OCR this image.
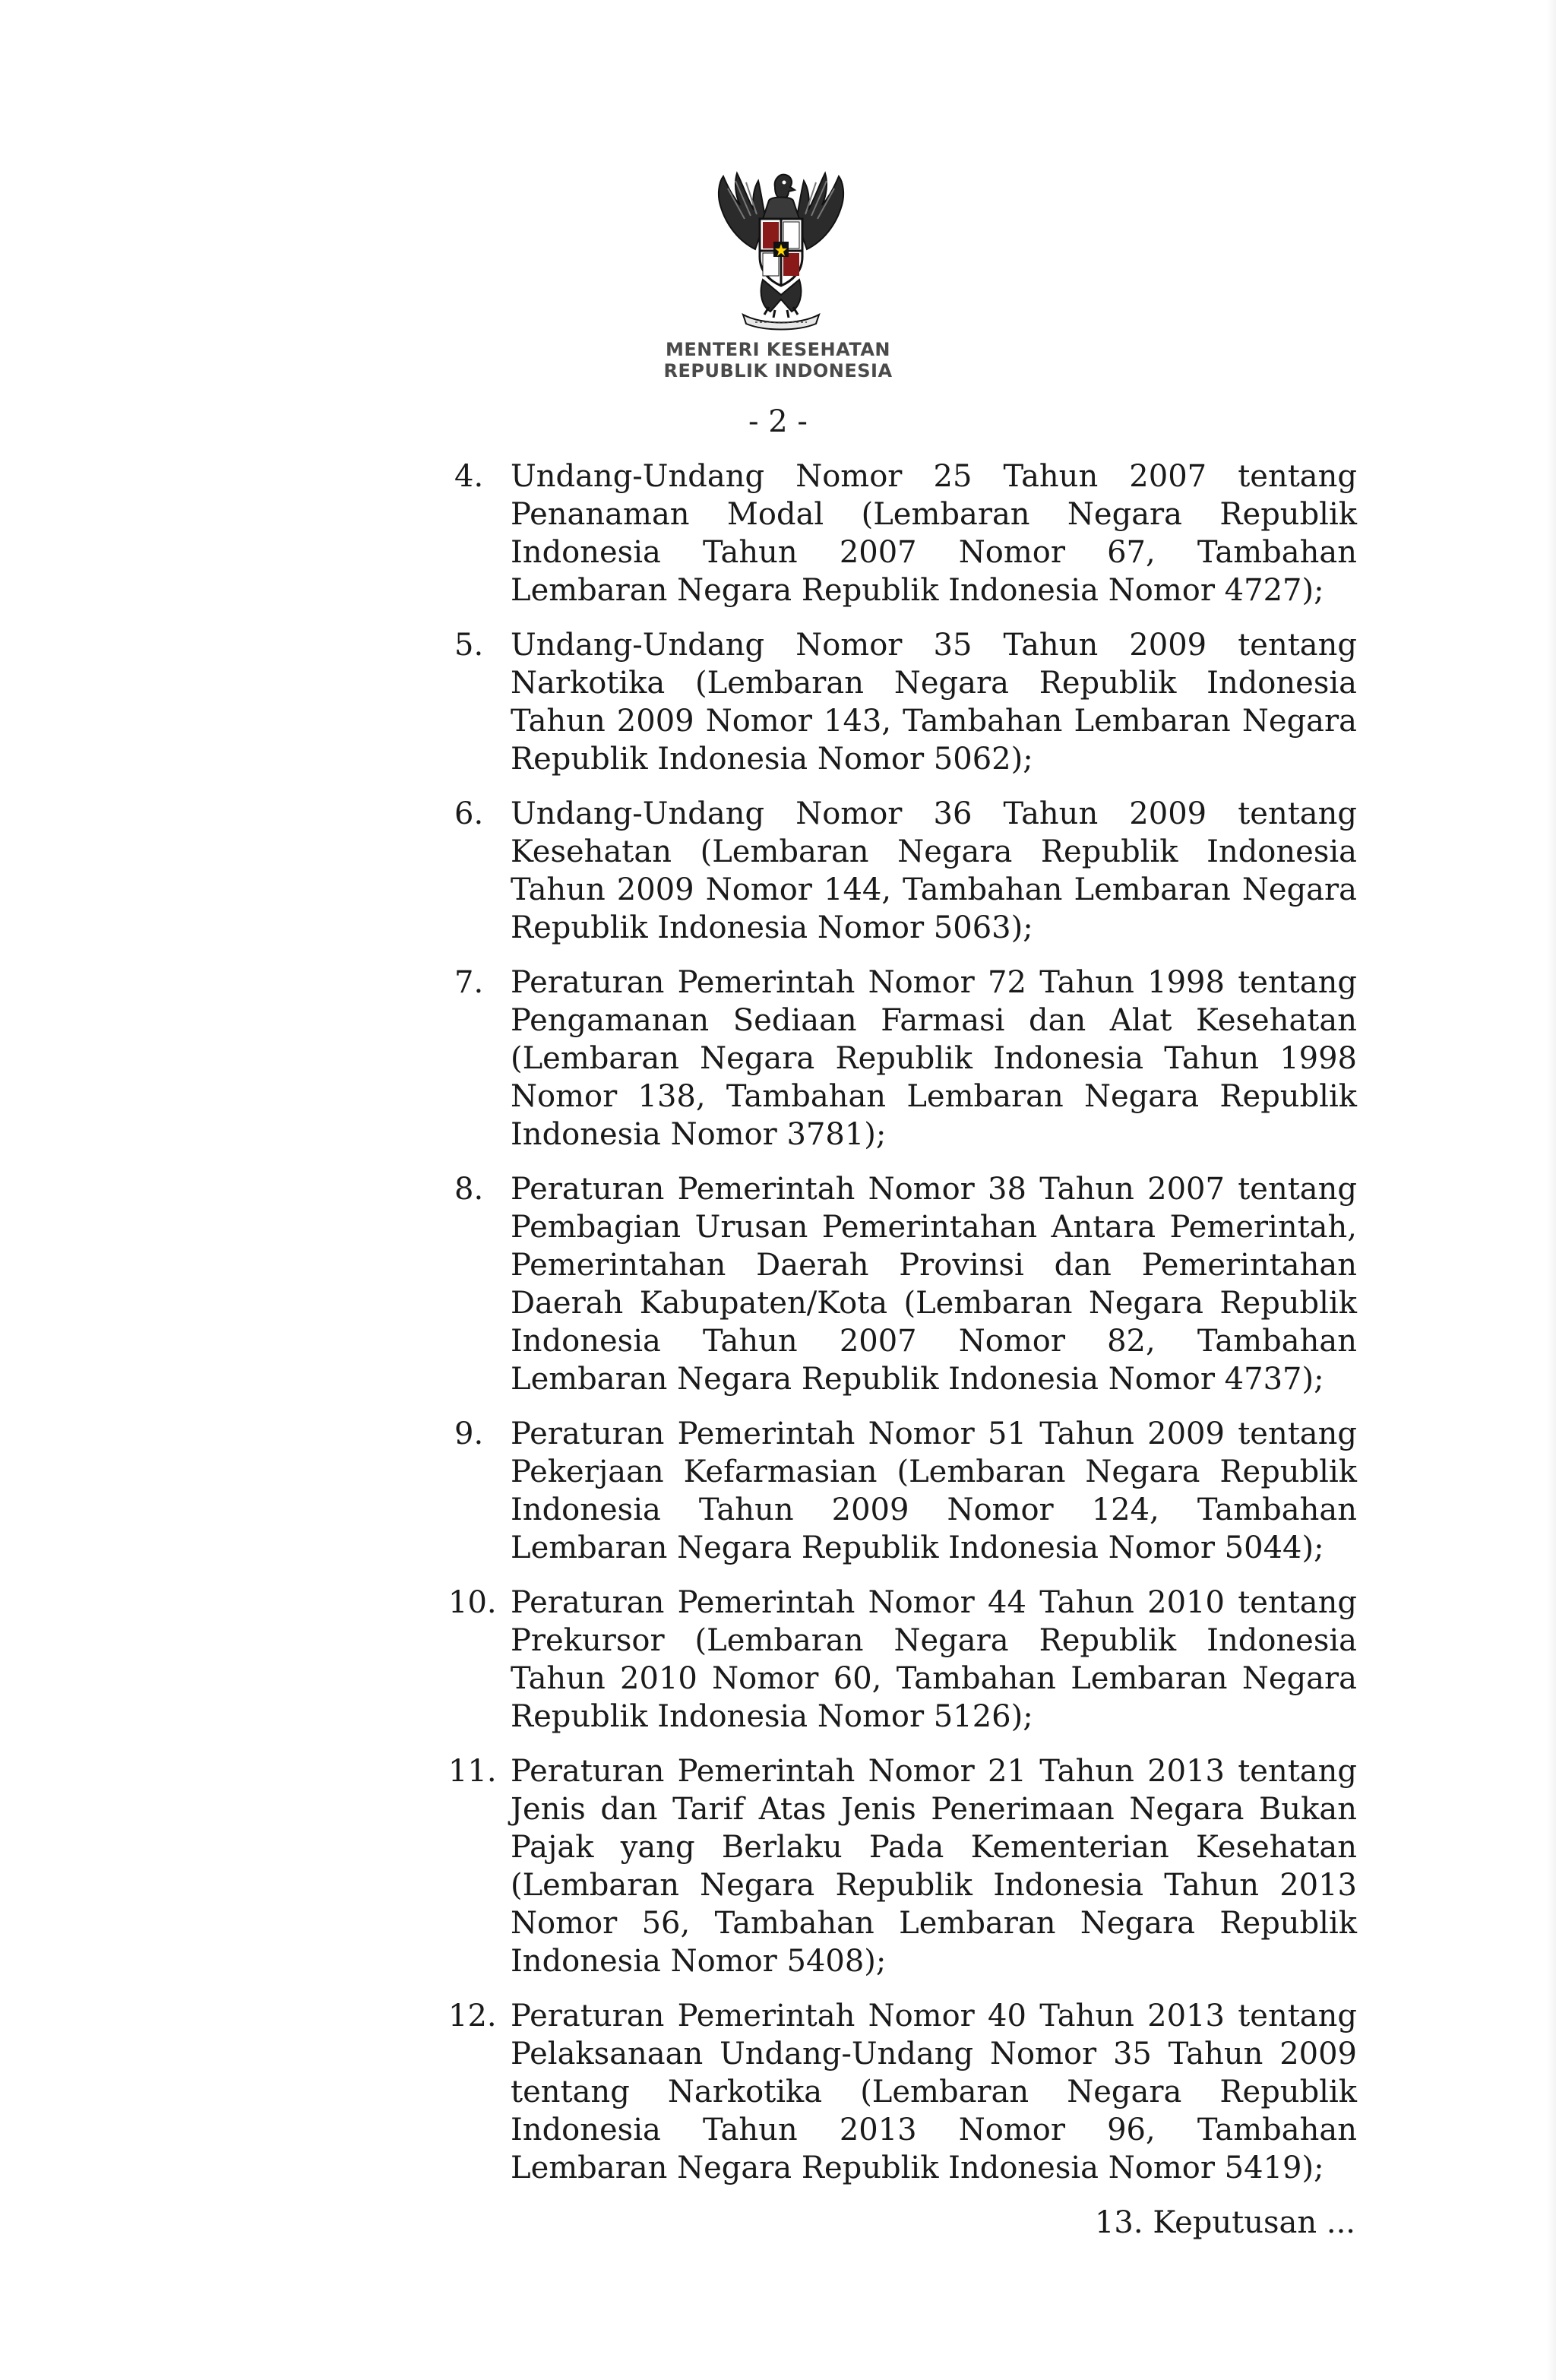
MENTERI KESEHATAN
REPUBLIK INDONESIA
- 2 -
4. Undang-Undang Nomor 25 Tahun 2007 tentang Penanaman Modal (Lembaran Negara Republik Indonesia Tahun 2007 Nomor 67, Tambahan Lembaran Negara Republik Indonesia Nomor 4727);
5. Undang-Undang Nomor 35 Tahun 2009 tentang Narkotika (Lembaran Negara Republik Indonesia Tahun 2009 Nomor 143, Tambahan Lembaran Negara Republik Indonesia Nomor 5062);
6. Undang-Undang Nomor 36 Tahun 2009 tentang Kesehatan (Lembaran Negara Republik Indonesia Tahun 2009 Nomor 144, Tambahan Lembaran Negara Republik Indonesia Nomor 5063);
7. Peraturan Pemerintah Nomor 72 Tahun 1998 tentang Pengamanan Sediaan Farmasi dan Alat Kesehatan (Lembaran Negara Republik Indonesia Tahun 1998 Nomor 138, Tambahan Lembaran Negara Republik Indonesia Nomor 3781);
8. Peraturan Pemerintah Nomor 38 Tahun 2007 tentang Pembagian Urusan Pemerintahan Antara Pemerintah, Pemerintahan Daerah Provinsi dan Pemerintahan Daerah Kabupaten/Kota (Lembaran Negara Republik Indonesia Tahun 2007 Nomor 82, Tambahan Lembaran Negara Republik Indonesia Nomor 4737);
9. Peraturan Pemerintah Nomor 51 Tahun 2009 tentang Pekerjaan Kefarmasian (Lembaran Negara Republik Indonesia Tahun 2009 Nomor 124, Tambahan Lembaran Negara Republik Indonesia Nomor 5044);
10. Peraturan Pemerintah Nomor 44 Tahun 2010 tentang Prekursor (Lembaran Negara Republik Indonesia Tahun 2010 Nomor 60, Tambahan Lembaran Negara Republik Indonesia Nomor 5126);
11. Peraturan Pemerintah Nomor 21 Tahun 2013 tentang Jenis dan Tarif Atas Jenis Penerimaan Negara Bukan Pajak yang Berlaku Pada Kementerian Kesehatan (Lembaran Negara Republik Indonesia Tahun 2013 Nomor 56, Tambahan Lembaran Negara Republik Indonesia Nomor 5408);
12. Peraturan Pemerintah Nomor 40 Tahun 2013 tentang Pelaksanaan Undang-Undang Nomor 35 Tahun 2009 tentang Narkotika (Lembaran Negara Republik Indonesia Tahun 2013 Nomor 96, Tambahan Lembaran Negara Republik Indonesia Nomor 5419);
13. Keputusan ...
